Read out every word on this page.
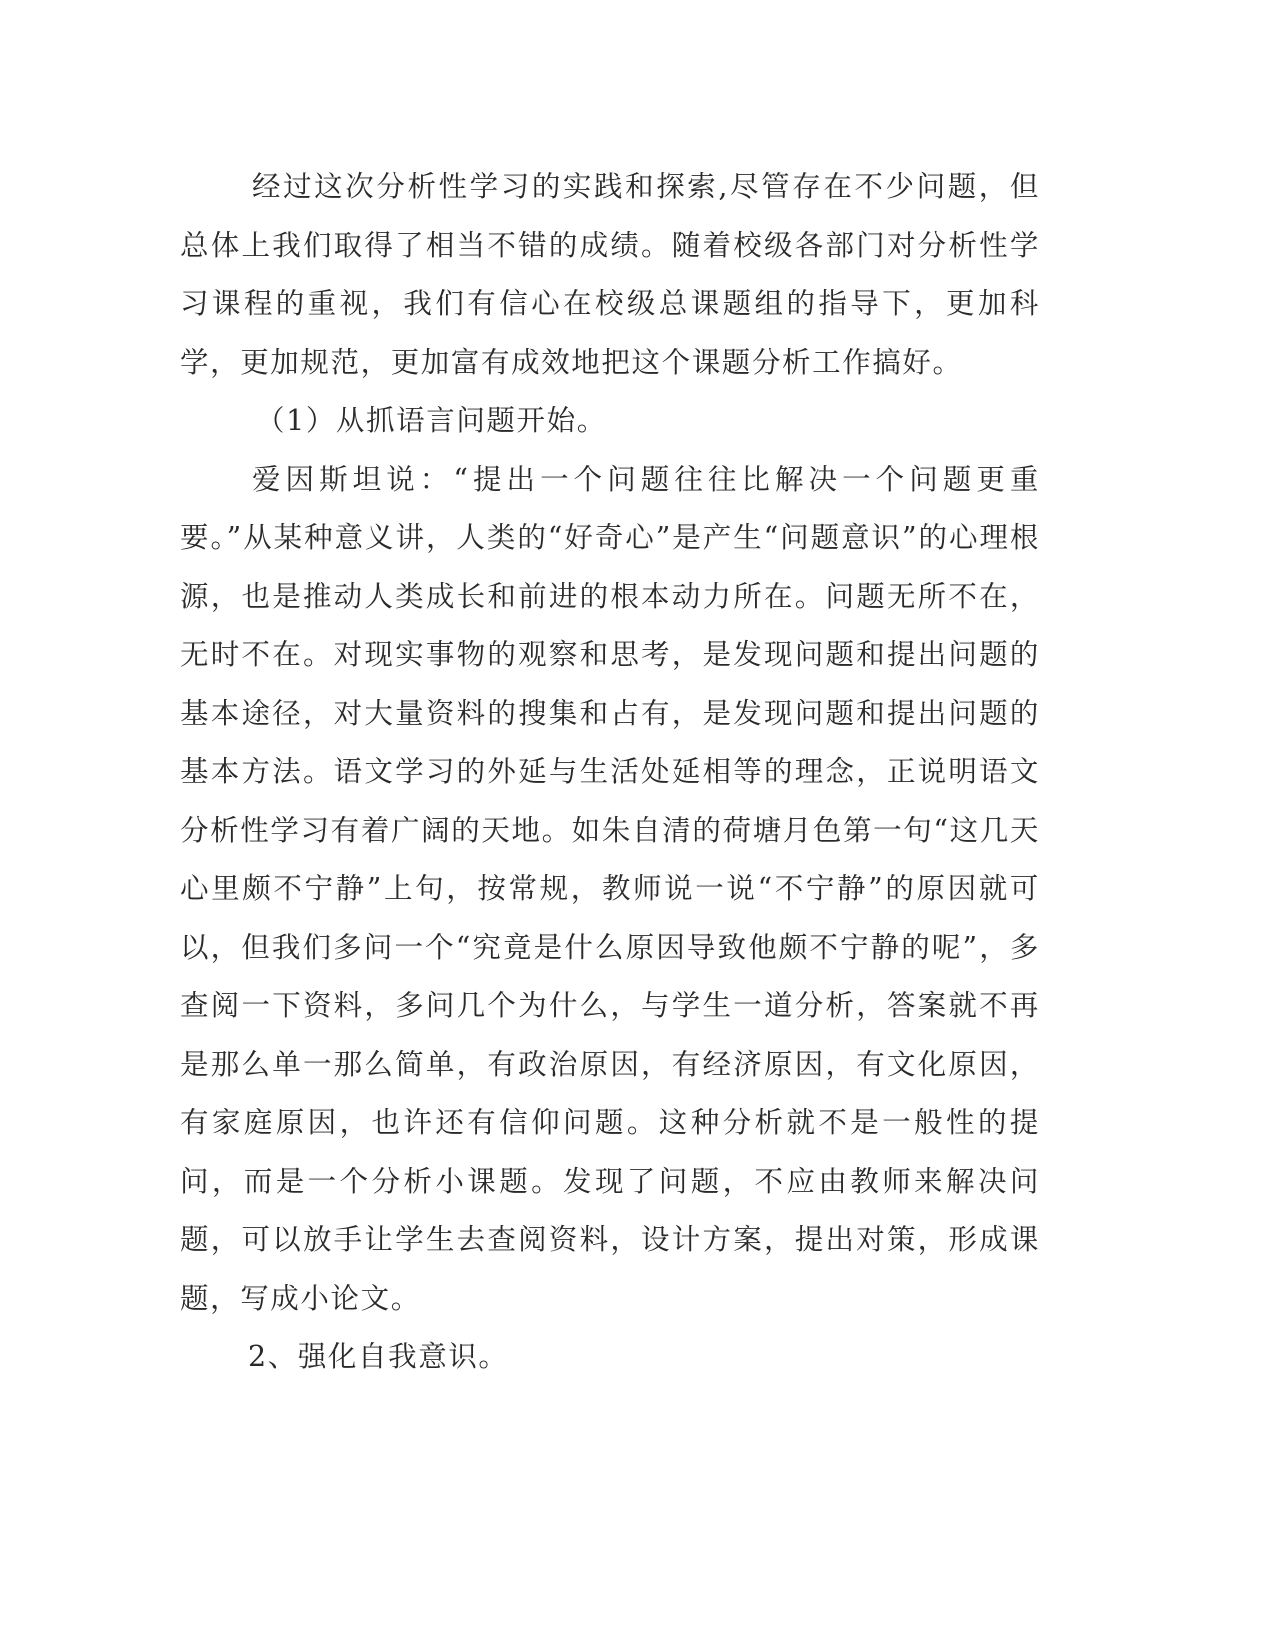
经过这次分析性学习的实践和探索,尽管存在不少问题，但总体上我们取得了相当不错的成绩。随着校级各部门对分析性学习课程的重视，我们有信心在校级总课题组的指导下，更加科学，更加规范，更加富有成效地把这个课题分析工作搞好。

（1）从抓语言问题开始。

爱因斯坦说：“提出一个问题往往比解决一个问题更重要。”从某种意义讲，人类的“好奇心”是产生“问题意识”的心理根源，也是推动人类成长和前进的根本动力所在。问题无所不在，无时不在。对现实事物的观察和思考，是发现问题和提出问题的基本途径，对大量资料的搜集和占有，是发现问题和提出问题的基本方法。语文学习的外延与生活处延相等的理念，正说明语文分析性学习有着广阔的天地。如朱自清的荷塘月色第一句“这几天心里颇不宁静”上句，按常规，教师说一说“不宁静”的原因就可以，但我们多问一个“究竟是什么原因导致他颇不宁静的呢”，多查阅一下资料，多问几个为什么，与学生一道分析，答案就不再是那么单一那么简单，有政治原因，有经济原因，有文化原因，有家庭原因，也许还有信仰问题。这种分析就不是一般性的提问，而是一个分析小课题。发现了问题，不应由教师来解决问题，可以放手让学生去查阅资料，设计方案，提出对策，形成课题，写成小论文。

2、强化自我意识。
